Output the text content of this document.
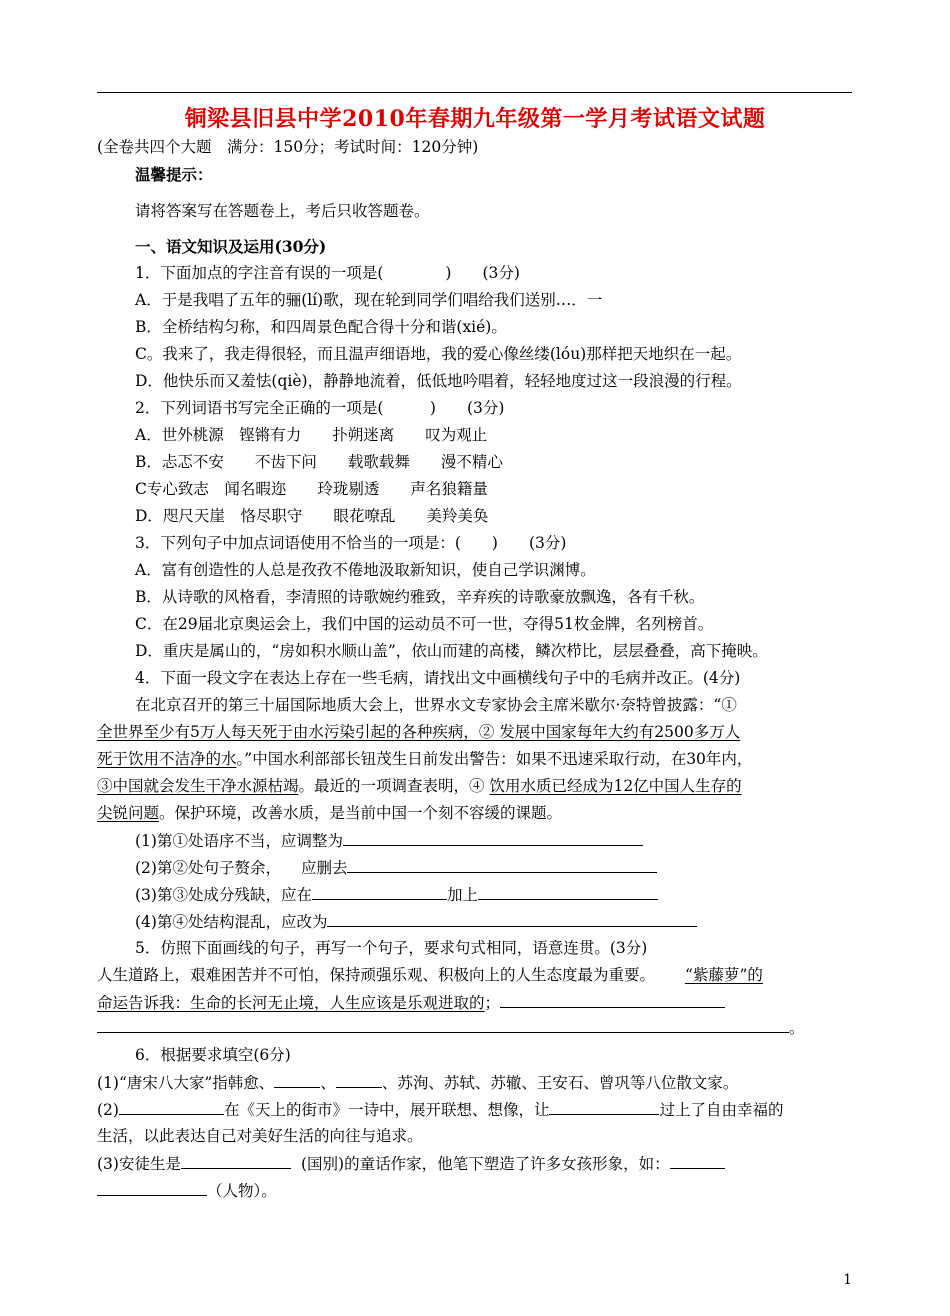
铜梁县旧县中学2010年春期九年级第一学月考试语文试题
(全卷共四个大题　满分：150分；考试时间：120分钟)
温馨提示：
请将答案写在答题卷上，考后只收答题卷。
一、语文知识及运用(30分)
1．下面加点的字注音有误的一项是(　　　　)　　(3分)
A．于是我唱了五年的骊(lí)歌，现在轮到同学们唱给我们送别…．一
B．全桥结构匀称，和四周景色配合得十分和谐(xié)。
C。我来了，我走得很轻，而且温声细语地，我的爱心像丝缕(lóu)那样把天地织在一起。
D．他快乐而又羞怯(qiè)，静静地流着，低低地吟唱着，轻轻地度过这一段浪漫的行程。
2．下列词语书写完全正确的一项是(　　　)　　(3分)
A．世外桃源　铿锵有力　　扑朔迷离　　叹为观止
B．忐忑不安　　不齿下问　　载歌载舞　　漫不精心
C专心致志　闻名暇迩　　玲珑剔透　　声名狼籍量
D．咫尺天崖　恪尽职守　　眼花嘹乱　　美羚美奂
3．下列句子中加点词语使用不恰当的一项是：(　　)　　(3分)
A．富有创造性的人总是孜孜不倦地汲取新知识，使自己学识渊博。
B．从诗歌的风格看，李清照的诗歌婉约雅致，辛弃疾的诗歌豪放飘逸，各有千秋。
C．在29届北京奥运会上，我们中国的运动员不可一世，夺得51枚金牌，名列榜首。
D．重庆是属山的，“房如积水顺山盖”，依山而建的高楼，鳞次栉比，层层叠叠，高下掩映。
4．下面一段文字在表达上存在一些毛病，请找出文中画横线句子中的毛病并改正。(4分)
在北京召开的第三十届国际地质大会上，世界水文专家协会主席米歇尔·奈特曾披露：“①
全世界至少有5万人每天死于由水污染引起的各种疾病，② 发展中国家每年大约有2500多万人
死于饮用不洁净的水。”中国水利部部长钮茂生日前发出警告：如果不迅速采取行动，在30年内，
③中国就会发生干净水源枯竭。最近的一项调查表明，④ 饮用水质已经成为12亿中国人生存的
尖锐问题。保护环境，改善水质，是当前中国一个刻不容缓的课题。
(1)第①处语序不当，应调整为
(2)第②处句子赘余， 应删去
(3)第③处成分残缺，应在	加上
(4)第④处结构混乱，应改为
5．仿照下面画线的句子，再写一个句子，要求句式相同，语意连贯。(3分)
人生道路上，艰难困苦并不可怕，保持顽强乐观、积极向上的人生态度最为重要。 “紫藤萝”的
命运告诉我：生命的长河无止境，人生应该是乐观进取的；
。
6．根据要求填空(6分)
(1)“唐宋八大家”指韩愈、	、	、苏洵、苏轼、苏辙、王安石、曾巩等八位散文家。
(2)	在《天上的街市》一诗中，展开联想、想像，让	过上了自由幸福的
生活，以此表达自己对美好生活的向往与追求。
(3)安徒生是	(国别)的童话作家，他笔下塑造了许多女孩形象，如：
（人物）。
1
